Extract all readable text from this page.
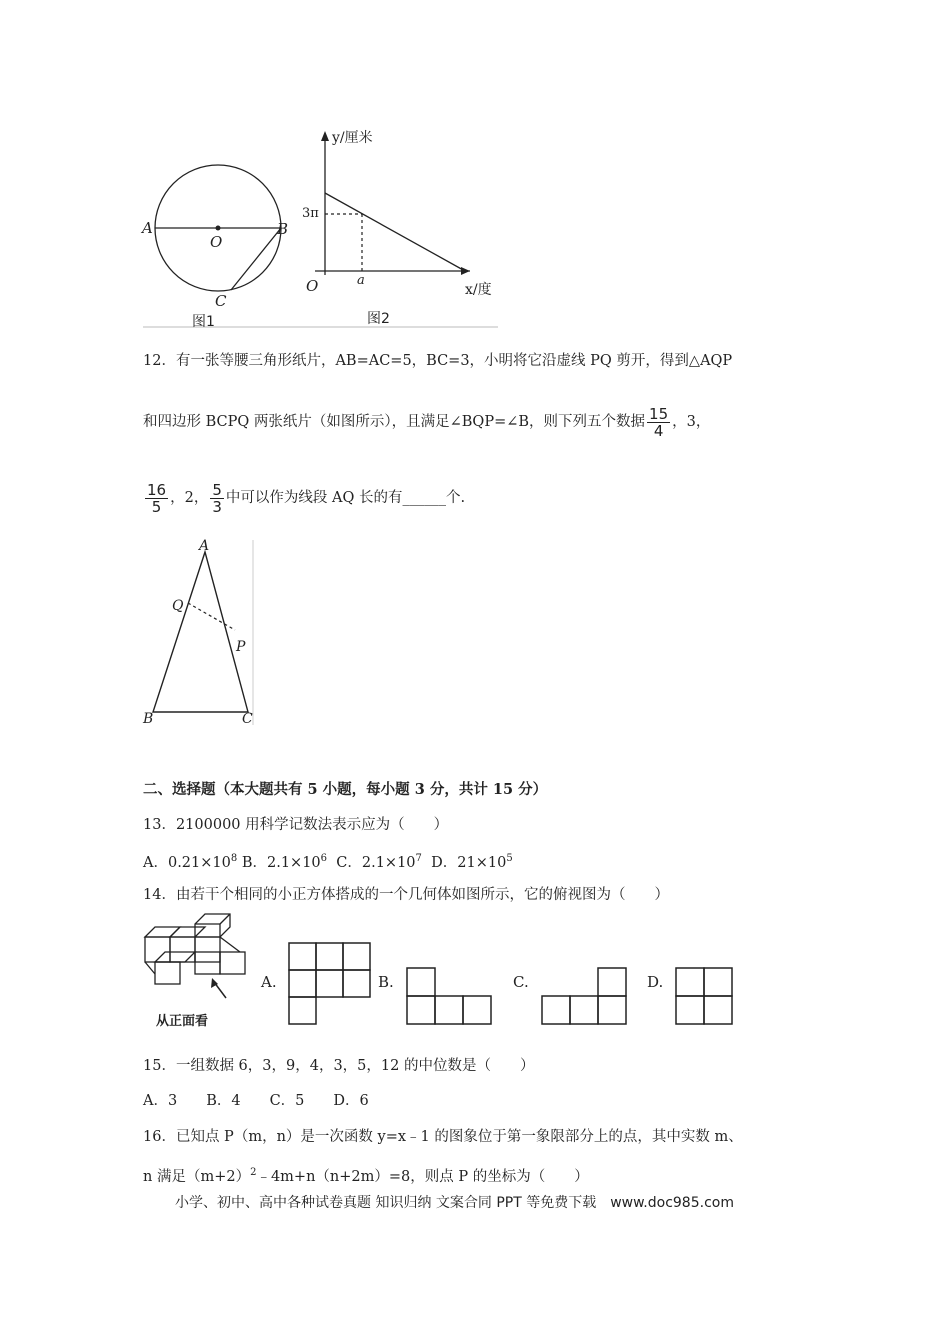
A	B
C
O
图1
y/厘米
x/度
O
3π
a
图2
12．有一张等腰三角形纸片，AB=AC=5，BC=3，小明将它沿虚线 PQ 剪开，得到△AQP
和四边形 BCPQ 两张纸片（如图所示），且满足∠BQP=∠B，则下列五个数据 $\frac{15}{4}$ ，3，
$\frac{16}{5}$ ，2， $\frac{5}{3}$ 中可以作为线段 AQ 长的有______个.
A
Q
P
B	C
二、选择题（本大题共有 5 小题，每小题 3 分，共计 15 分）
13．2100000 用科学记数法表示应为（　　）
A．$0.21\times 10^8$ B．$2.1\times 10^6$ C．$2.1\times 10^7$ D．$21\times 10^5$
14．由若干个相同的小正方体搭成的一个几何体如图所示，它的俯视图为（　　）
从正面看
A.	B.	C.	D.
15．一组数据 6，3，9，4，3，5，12 的中位数是（　　）
A．3　　B．4　　C．5　　D．6
16．已知点 P（m，n）是一次函数 y=x﹣1 的图象位于第一象限部分上的点，其中实数 m、
n 满足$(m+2)^2﹣4m+n(n+2m)=8$，则点 P 的坐标为（　　）
小学、初中、高中各种试卷真题 知识归纳 文案合同 PPT 等免费下载　www.doc985.com
